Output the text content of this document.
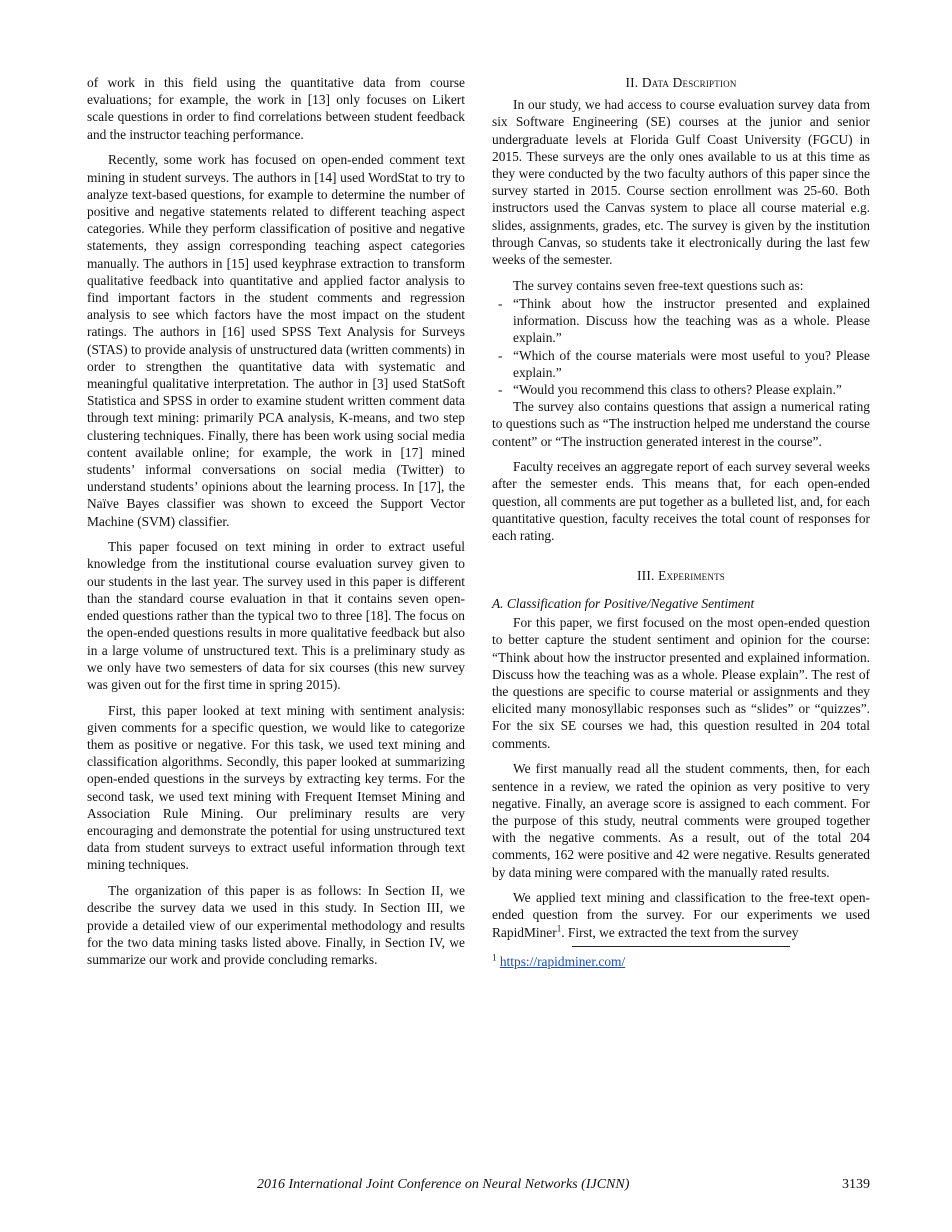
of work in this field using the quantitative data from course evaluations; for example, the work in [13] only focuses on Likert scale questions in order to find correlations between student feedback and the instructor teaching performance.

Recently, some work has focused on open-ended comment text mining in student surveys. The authors in [14] used WordStat to try to analyze text-based questions, for example to determine the number of positive and negative statements related to different teaching aspect categories. While they perform classification of positive and negative statements, they assign corresponding teaching aspect categories manually. The authors in [15] used keyphrase extraction to transform qualitative feedback into quantitative and applied factor analysis to find important factors in the student comments and regression analysis to see which factors have the most impact on the student ratings. The authors in [16] used SPSS Text Analysis for Surveys (STAS) to provide analysis of unstructured data (written comments) in order to strengthen the quantitative data with systematic and meaningful qualitative interpretation. The author in [3] used StatSoft Statistica and SPSS in order to examine student written comment data through text mining: primarily PCA analysis, K-means, and two step clustering techniques. Finally, there has been work using social media content available online; for example, the work in [17] mined students’ informal conversations on social media (Twitter) to understand students’ opinions about the learning process. In [17], the Naïve Bayes classifier was shown to exceed the Support Vector Machine (SVM) classifier.

This paper focused on text mining in order to extract useful knowledge from the institutional course evaluation survey given to our students in the last year. The survey used in this paper is different than the standard course evaluation in that it contains seven open-ended questions rather than the typical two to three [18]. The focus on the open-ended questions results in more qualitative feedback but also in a large volume of unstructured text. This is a preliminary study as we only have two semesters of data for six courses (this new survey was given out for the first time in spring 2015).

First, this paper looked at text mining with sentiment analysis: given comments for a specific question, we would like to categorize them as positive or negative. For this task, we used text mining and classification algorithms. Secondly, this paper looked at summarizing open-ended questions in the surveys by extracting key terms. For the second task, we used text mining with Frequent Itemset Mining and Association Rule Mining. Our preliminary results are very encouraging and demonstrate the potential for using unstructured text data from student surveys to extract useful information through text mining techniques.

The organization of this paper is as follows: In Section II, we describe the survey data we used in this study. In Section III, we provide a detailed view of our experimental methodology and results for the two data mining tasks listed above. Finally, in Section IV, we summarize our work and provide concluding remarks.

II. Data Description

In our study, we had access to course evaluation survey data from six Software Engineering (SE) courses at the junior and senior undergraduate levels at Florida Gulf Coast University (FGCU) in 2015. These surveys are the only ones available to us at this time as they were conducted by the two faculty authors of this paper since the survey started in 2015. Course section enrollment was 25-60. Both instructors used the Canvas system to place all course material e.g. slides, assignments, grades, etc. The survey is given by the institution through Canvas, so students take it electronically during the last few weeks of the semester.

The survey contains seven free-text questions such as:

- “Think about how the instructor presented and explained information. Discuss how the teaching was as a whole. Please explain.”
- “Which of the course materials were most useful to you? Please explain.”
- “Would you recommend this class to others? Please explain.”

The survey also contains questions that assign a numerical rating to questions such as “The instruction helped me understand the course content” or “The instruction generated interest in the course”.

Faculty receives an aggregate report of each survey several weeks after the semester ends. This means that, for each open-ended question, all comments are put together as a bulleted list, and, for each quantitative question, faculty receives the total count of responses for each rating.

III. Experiments
A. Classification for Positive/Negative Sentiment

For this paper, we first focused on the most open-ended question to better capture the student sentiment and opinion for the course: “Think about how the instructor presented and explained information. Discuss how the teaching was as a whole. Please explain”. The rest of the questions are specific to course material or assignments and they elicited many monosyllabic responses such as “slides” or “quizzes”. For the six SE courses we had, this question resulted in 204 total comments.

We first manually read all the student comments, then, for each sentence in a review, we rated the opinion as very positive to very negative. Finally, an average score is assigned to each comment. For the purpose of this study, neutral comments were grouped together with the negative comments. As a result, out of the total 204 comments, 162 were positive and 42 were negative. Results generated by data mining were compared with the manually rated results.

We applied text mining and classification to the free-text open-ended question from the survey. For our experiments we used RapidMiner$^1$. First, we extracted the text from the survey

$^1$ https://rapidminer.com/
2016 International Joint Conference on Neural Networks (IJCNN)	3139
